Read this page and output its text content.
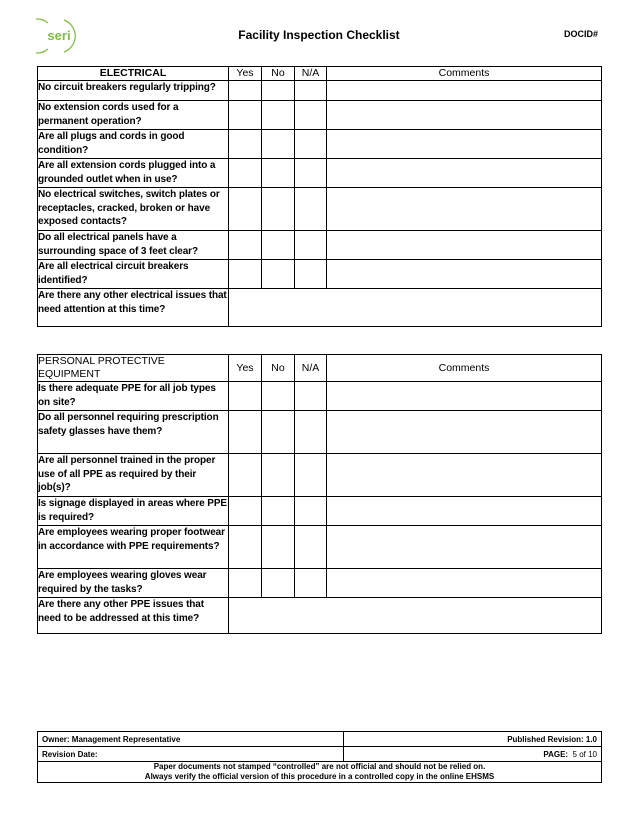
seri	Facility Inspection Checklist	DOCID#
ELECTRICAL	Yes	No	N/A	Comments
No circuit breakers regularly tripping?				
No extension cords used for a permanent operation?				
Are all plugs and cords in good condition?				
Are all extension cords plugged into a grounded outlet when in use?				
No electrical switches, switch plates or receptacles, cracked, broken or have exposed contacts?				
Do all electrical panels have a surrounding space of 3 feet clear?				
Are all electrical circuit breakers identified?				
Are there any other electrical issues that need attention at this time?				
PERSONAL PROTECTIVE EQUIPMENT	Yes	No	N/A	Comments
Is there adequate PPE for all job types on site?				
Do all personnel requiring prescription safety glasses have them?				
Are all personnel trained in the proper use of all PPE as required by their job(s)?				
Is signage displayed in areas where PPE is required?				
Are employees wearing proper footwear in accordance with PPE requirements?				
Are employees wearing gloves wear required by the tasks?				
Are there any other PPE issues that need to be addressed at this time?				
Owner: Management Representative	Published Revision: 1.0
Revision Date:	PAGE: 5 of 10

Paper documents not stamped “controlled” are not official and should not be relied on.
Always verify the official version of this procedure in a controlled copy in the online EHSMS	
